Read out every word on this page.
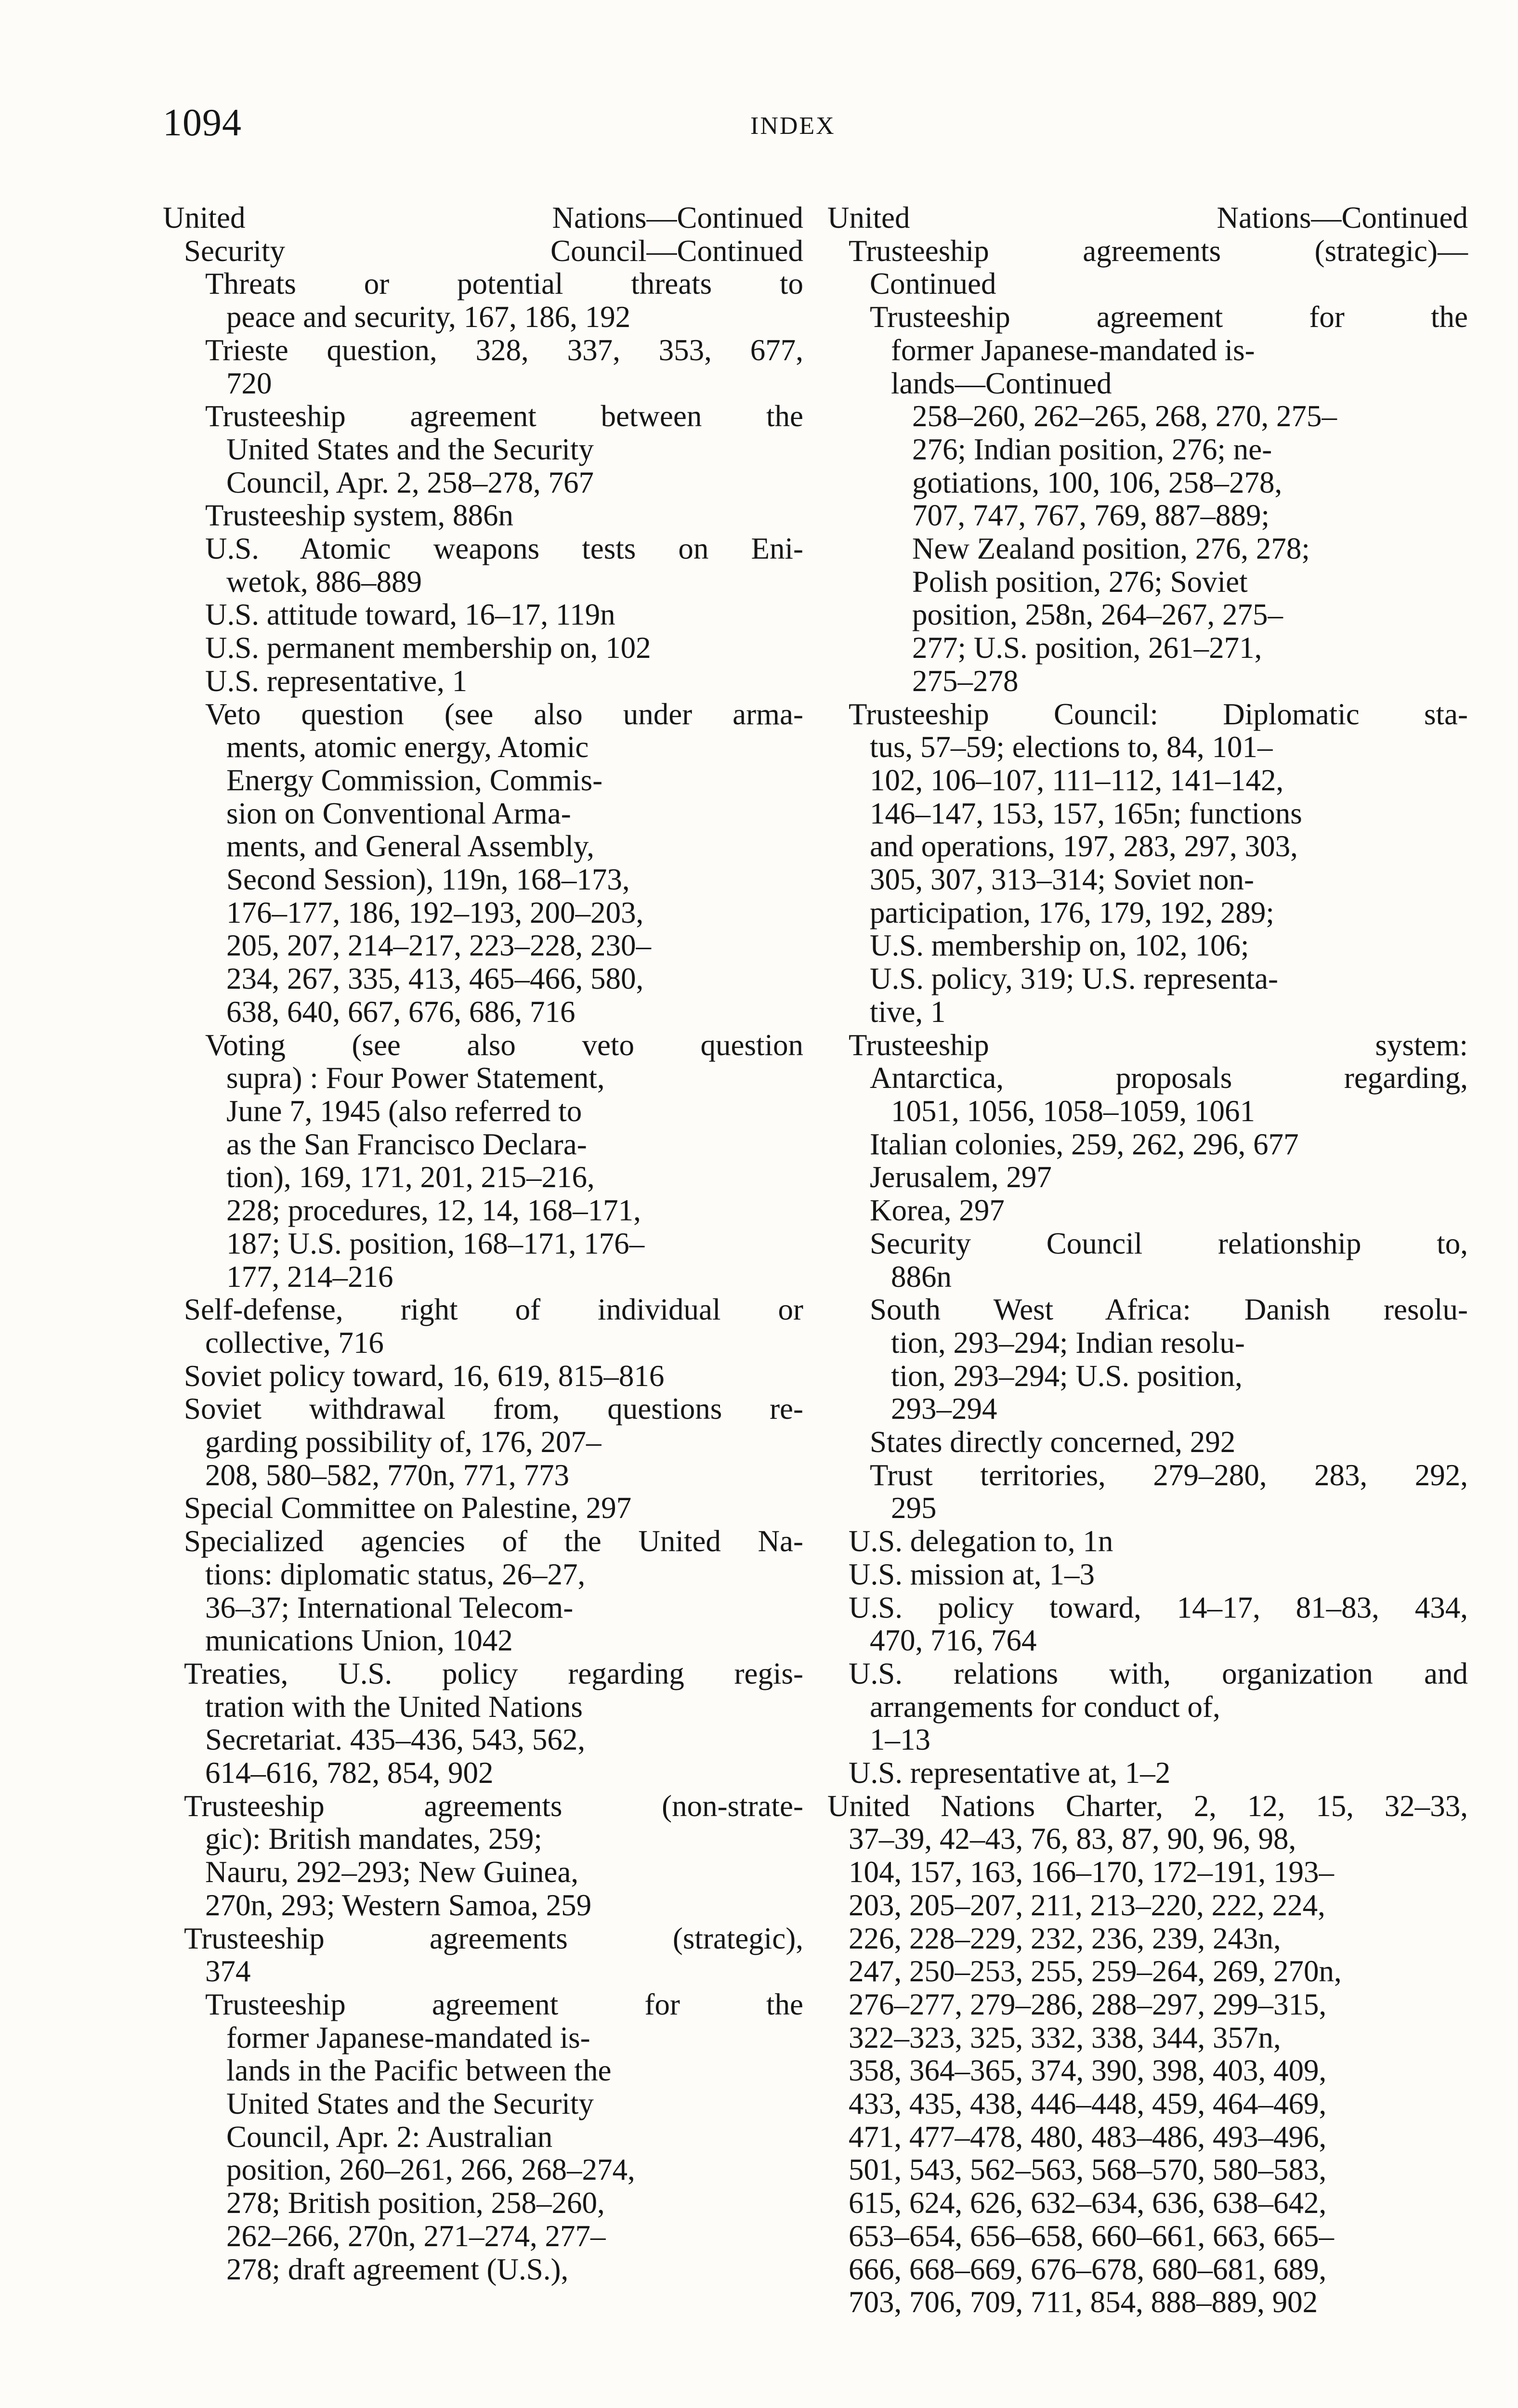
1094	INDEX
United Nations—Continued
Security Council—Continued
Threats or potential threats to
peace and security, 167, 186, 192
Trieste question, 328, 337, 353, 677,
720
Trusteeship agreement between the
United States and the Security
Council, Apr. 2, 258–278, 767
Trusteeship system, 886n
U.S. Atomic weapons tests on Eni-
wetok, 886–889
U.S. attitude toward, 16–17, 119n
U.S. permanent membership on, 102
U.S. representative, 1
Veto question (see also under arma-
ments, atomic energy, Atomic
Energy Commission, Commis-
sion on Conventional Arma-
ments, and General Assembly,
Second Session), 119n, 168–173,
176–177, 186, 192–193, 200–203,
205, 207, 214–217, 223–228, 230–
234, 267, 335, 413, 465–466, 580,
638, 640, 667, 676, 686, 716
Voting (see also veto question
supra) : Four Power Statement,
June 7, 1945 (also referred to
as the San Francisco Declara-
tion), 169, 171, 201, 215–216,
228; procedures, 12, 14, 168–171,
187; U.S. position, 168–171, 176–
177, 214–216
Self-defense, right of individual or
collective, 716
Soviet policy toward, 16, 619, 815–816
Soviet withdrawal from, questions re-
garding possibility of, 176, 207–
208, 580–582, 770n, 771, 773
Special Committee on Palestine, 297
Specialized agencies of the United Na-
tions: diplomatic status, 26–27,
36–37; International Telecom-
munications Union, 1042
Treaties, U.S. policy regarding regis-
tration with the United Nations
Secretariat. 435–436, 543, 562,
614–616, 782, 854, 902
Trusteeship agreements (non-strate-
gic): British mandates, 259;
Nauru, 292–293; New Guinea,
270n, 293; Western Samoa, 259
Trusteeship agreements (strategic),
374
Trusteeship agreement for the
former Japanese-mandated is-
lands in the Pacific between the
United States and the Security
Council, Apr. 2: Australian
position, 260–261, 266, 268–274,
278; British position, 258–260,
262–266, 270n, 271–274, 277–
278; draft agreement (U.S.),
United Nations—Continued
Trusteeship agreements (strategic)—
Continued
Trusteeship agreement for the
former Japanese-mandated is-
lands—Continued
258–260, 262–265, 268, 270, 275–
276; Indian position, 276; ne-
gotiations, 100, 106, 258–278,
707, 747, 767, 769, 887–889;
New Zealand position, 276, 278;
Polish position, 276; Soviet
position, 258n, 264–267, 275–
277; U.S. position, 261–271,
275–278
Trusteeship Council: Diplomatic sta-
tus, 57–59; elections to, 84, 101–
102, 106–107, 111–112, 141–142,
146–147, 153, 157, 165n; functions
and operations, 197, 283, 297, 303,
305, 307, 313–314; Soviet non-
participation, 176, 179, 192, 289;
U.S. membership on, 102, 106;
U.S. policy, 319; U.S. representa-
tive, 1
Trusteeship system:
Antarctica, proposals regarding,
1051, 1056, 1058–1059, 1061
Italian colonies, 259, 262, 296, 677
Jerusalem, 297
Korea, 297
Security Council relationship to,
886n
South West Africa: Danish resolu-
tion, 293–294; Indian resolu-
tion, 293–294; U.S. position,
293–294
States directly concerned, 292
Trust territories, 279–280, 283, 292,
295
U.S. delegation to, 1n
U.S. mission at, 1–3
U.S. policy toward, 14–17, 81–83, 434,
470, 716, 764
U.S. relations with, organization and
arrangements for conduct of,
1–13
U.S. representative at, 1–2
United Nations Charter, 2, 12, 15, 32–33,
37–39, 42–43, 76, 83, 87, 90, 96, 98,
104, 157, 163, 166–170, 172–191, 193–
203, 205–207, 211, 213–220, 222, 224,
226, 228–229, 232, 236, 239, 243n,
247, 250–253, 255, 259–264, 269, 270n,
276–277, 279–286, 288–297, 299–315,
322–323, 325, 332, 338, 344, 357n,
358, 364–365, 374, 390, 398, 403, 409,
433, 435, 438, 446–448, 459, 464–469,
471, 477–478, 480, 483–486, 493–496,
501, 543, 562–563, 568–570, 580–583,
615, 624, 626, 632–634, 636, 638–642,
653–654, 656–658, 660–661, 663, 665–
666, 668–669, 676–678, 680–681, 689,
703, 706, 709, 711, 854, 888–889, 902
